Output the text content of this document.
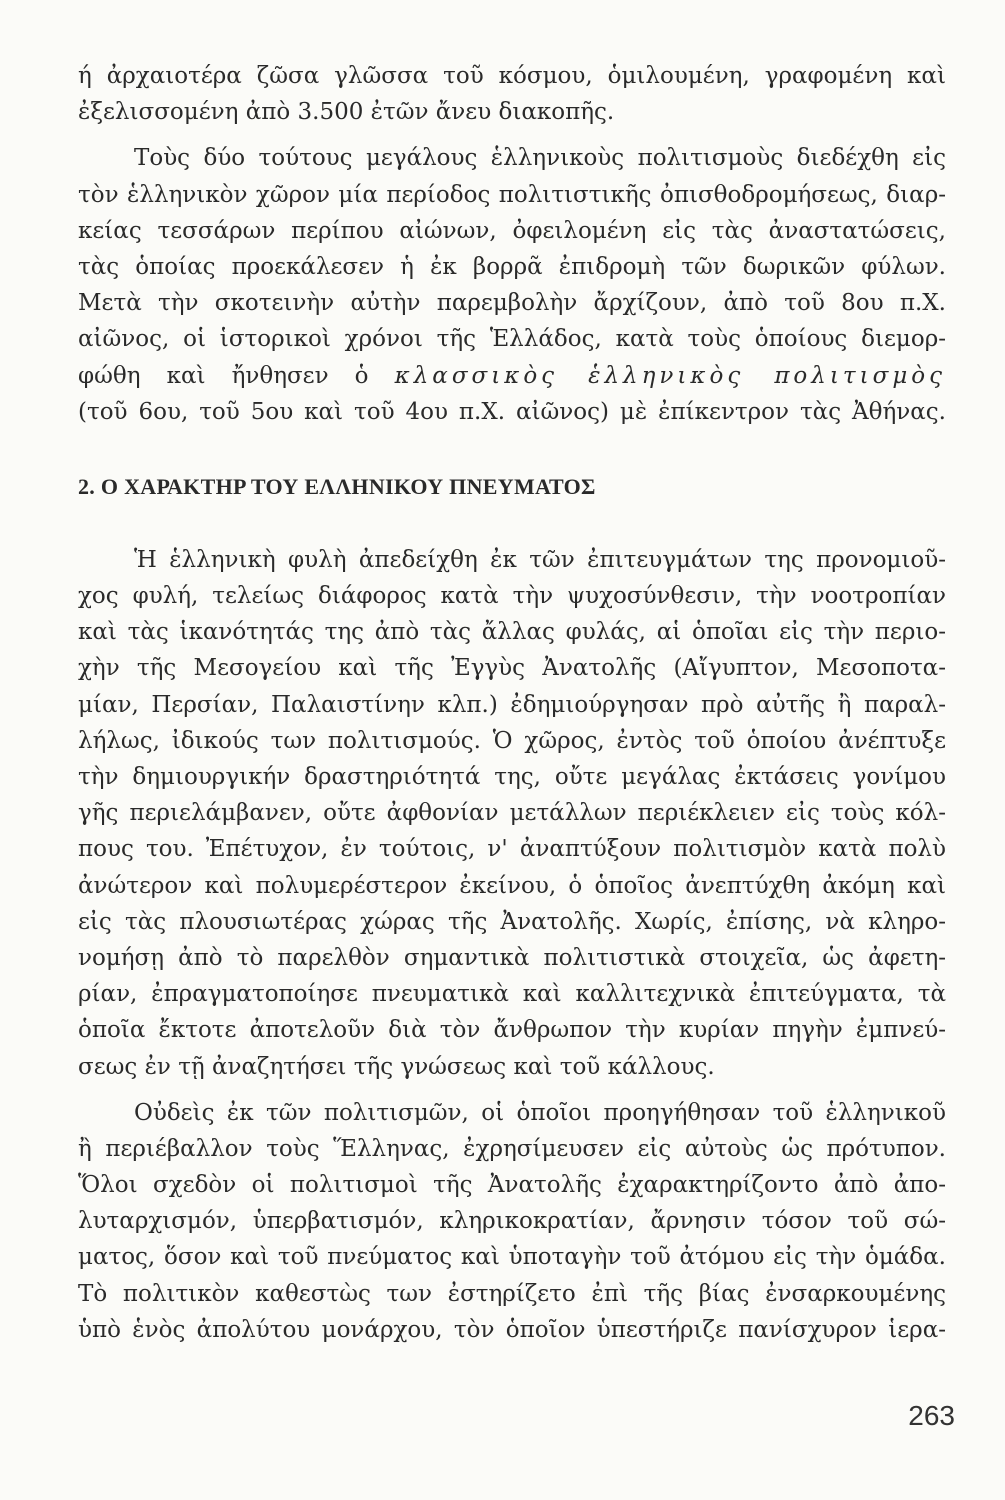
ή ἀρχαιοτέρα ζῶσα γλῶσσα τοῦ κόσμου, ὁμιλουμένη, γραφομένη καὶ
ἐξελισσομένη ἀπὸ 3.500 ἐτῶν ἄνευ διακοπῆς.
Τοὺς δύο τούτους μεγάλους ἑλληνικοὺς πολιτισμοὺς διεδέχθη εἰς
τὸν ἑλληνικὸν χῶρον μία περίοδος πολιτιστικῆς ὀπισθοδρομήσεως, διαρ-
κείας τεσσάρων περίπου αἰώνων, ὀφειλομένη εἰς τὰς ἀναστατώσεις,
τὰς ὁποίας προεκάλεσεν ἡ ἐκ βορρᾶ ἐπιδρομὴ τῶν δωρικῶν φύλων.
Μετὰ τὴν σκοτεινὴν αὐτὴν παρεμβολὴν ἄρχίζουν, ἀπὸ τοῦ 8ου π.Χ.
αἰῶνος, οἱ ἱστορικοὶ χρόνοι τῆς Ἑλλάδος, κατὰ τοὺς ὁποίους διεμορ-
φώθη καὶ ἤνθησεν ὁ κλασσικὸς ἑλληνικὸς πολιτισμὸς
(τοῦ 6ου, τοῦ 5ου καὶ τοῦ 4ου π.Χ. αἰῶνος) μὲ ἐπίκεντρον τὰς Ἀθήνας.
2. Ο ΧΑΡΑΚΤΗΡ ΤΟΥ ΕΛΛΗΝΙΚΟΥ ΠΝΕΥΜΑΤΟΣ
Ἡ ἑλληνικὴ φυλὴ ἀπεδείχθη ἐκ τῶν ἐπιτευγμάτων της προνομιοῦ-
χος φυλή, τελείως διάφορος κατὰ τὴν ψυχοσύνθεσιν, τὴν νοοτροπίαν
καὶ τὰς ἱκανότητάς της ἀπὸ τὰς ἄλλας φυλάς, αἱ ὁποῖαι εἰς τὴν περιο-
χὴν τῆς Μεσογείου καὶ τῆς Ἐγγὺς Ἀνατολῆς (Αἴγυπτον, Μεσοποτα-
μίαν, Περσίαν, Παλαιστίνην κλπ.) ἐδημιούργησαν πρὸ αὐτῆς ἢ παραλ-
λήλως, ἰδικούς των πολιτισμούς. Ὁ χῶρος, ἐντὸς τοῦ ὁποίου ἀνέπτυξε
τὴν δημιουργικήν δραστηριότητά της, οὔτε μεγάλας ἐκτάσεις γονίμου
γῆς περιελάμβανεν, οὔτε ἀφθονίαν μετάλλων περιέκλειεν εἰς τοὺς κόλ-
πους του. Ἐπέτυχον, ἐν τούτοις, ν' ἀναπτύξουν πολιτισμὸν κατὰ πολὺ
ἀνώτερον καὶ πολυμερέστερον ἐκείνου, ὁ ὁποῖος ἀνεπτύχθη ἀκόμη καὶ
εἰς τὰς πλουσιωτέρας χώρας τῆς Ἀνατολῆς. Χωρίς, ἐπίσης, νὰ κληρο-
νομήσῃ ἀπὸ τὸ παρελθὸν σημαντικὰ πολιτιστικὰ στοιχεῖα, ὡς ἀφετη-
ρίαν, ἐπραγματοποίησε πνευματικὰ καὶ καλλιτεχνικὰ ἐπιτεύγματα, τὰ
ὁποῖα ἔκτοτε ἀποτελοῦν διὰ τὸν ἄνθρωπον τὴν κυρίαν πηγὴν ἐμπνεύ-
σεως ἐν τῇ ἀναζητήσει τῆς γνώσεως καὶ τοῦ κάλλους.
Οὐδεὶς ἐκ τῶν πολιτισμῶν, οἱ ὁποῖοι προηγήθησαν τοῦ ἑλληνικοῦ
ἢ περιέβαλλον τοὺς Ἕλληνας, ἐχρησίμευσεν εἰς αὐτοὺς ὡς πρότυπον.
Ὅλοι σχεδὸν οἱ πολιτισμοὶ τῆς Ἀνατολῆς ἐχαρακτηρίζοντο ἀπὸ ἀπο-
λυταρχισμόν, ὑπερβατισμόν, κληρικοκρατίαν, ἄρνησιν τόσον τοῦ σώ-
ματος, ὅσον καὶ τοῦ πνεύματος καὶ ὑποταγὴν τοῦ ἀτόμου εἰς τὴν ὁμάδα.
Τὸ πολιτικὸν καθεστὼς των ἐστηρίζετο ἐπὶ τῆς βίας ἐνσαρκουμένης
ὑπὸ ἑνὸς ἀπολύτου μονάρχου, τὸν ὁποῖον ὑπεστήριζε πανίσχυρον ἱερα-
263
